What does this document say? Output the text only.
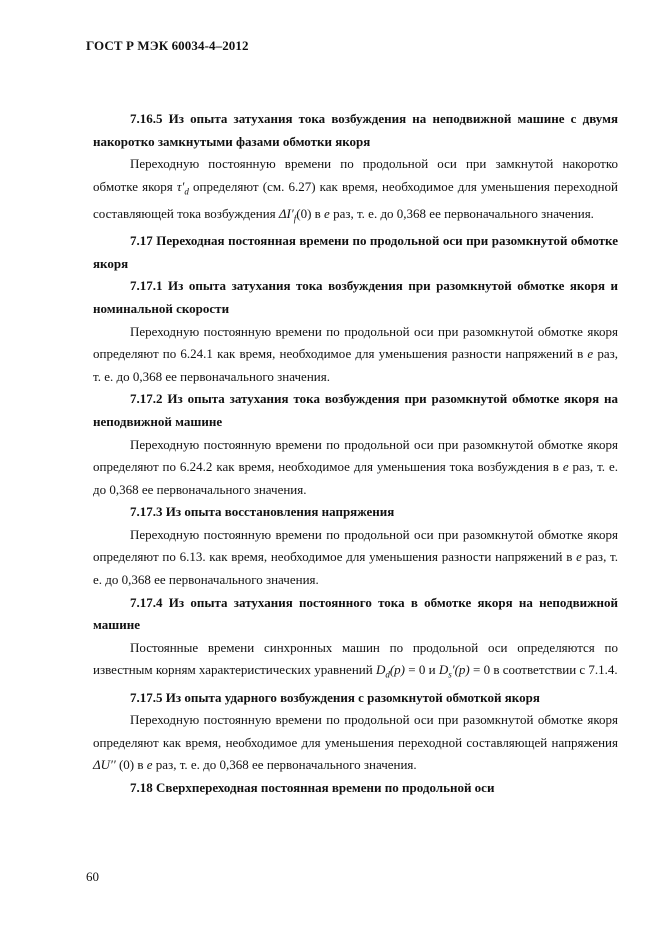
ГОСТ Р МЭК 60034-4–2012

7.16.5 Из опыта затухания тока возбуждения на неподвижной машине с двумя накоротко замкнутыми фазами обмотки якоря

Переходную постоянную времени по продольной оси при замкнутой накоротко обмотке якоря $\tau'_d$ определяют (см. 6.27) как время, необходимое для уменьшения переходной составляющей тока возбуждения $\Delta I'_f(0)$ в e раз, т. е. до 0,368 ее первоначального значения.

7.17 Переходная постоянная времени по продольной оси при разомкнутой обмотке якоря

7.17.1 Из опыта затухания тока возбуждения при разомкнутой обмотке якоря и номинальной скорости

Переходную постоянную времени по продольной оси при разомкнутой обмотке якоря определяют по 6.24.1 как время, необходимое для уменьшения разности напряжений в e раз, т. е. до 0,368 ее первоначального значения.

7.17.2 Из опыта затухания тока возбуждения при разомкнутой обмотке якоря на неподвижной машине

Переходную постоянную времени по продольной оси при разомкнутой обмотке якоря определяют по 6.24.2 как время, необходимое для уменьшения тока возбуждения в e раз, т. е. до 0,368 ее первоначального значения.

7.17.3 Из опыта восстановления напряжения

Переходную постоянную времени по продольной оси при разомкнутой обмотке якоря определяют по 6.13. как время, необходимое для уменьшения разности напряжений в e раз, т. е. до 0,368 ее первоначального значения.

7.17.4 Из опыта затухания постоянного тока в обмотке якоря на неподвижной машине

Постоянные времени синхронных машин по продольной оси определяются по известным корням характеристических уравнений $D_d(p) = 0$ и $D_s'(p) = 0$ в соответствии с 7.1.4.

7.17.5 Из опыта ударного возбуждения с разомкнутой обмоткой якоря

Переходную постоянную времени по продольной оси при разомкнутой обмотке якоря определяют как время, необходимое для уменьшения переходной составляющей напряжения ΔU′′ (0) в e раз, т. е. до 0,368 ее первоначального значения.

7.18 Сверхпереходная постоянная времени по продольной оси

60
